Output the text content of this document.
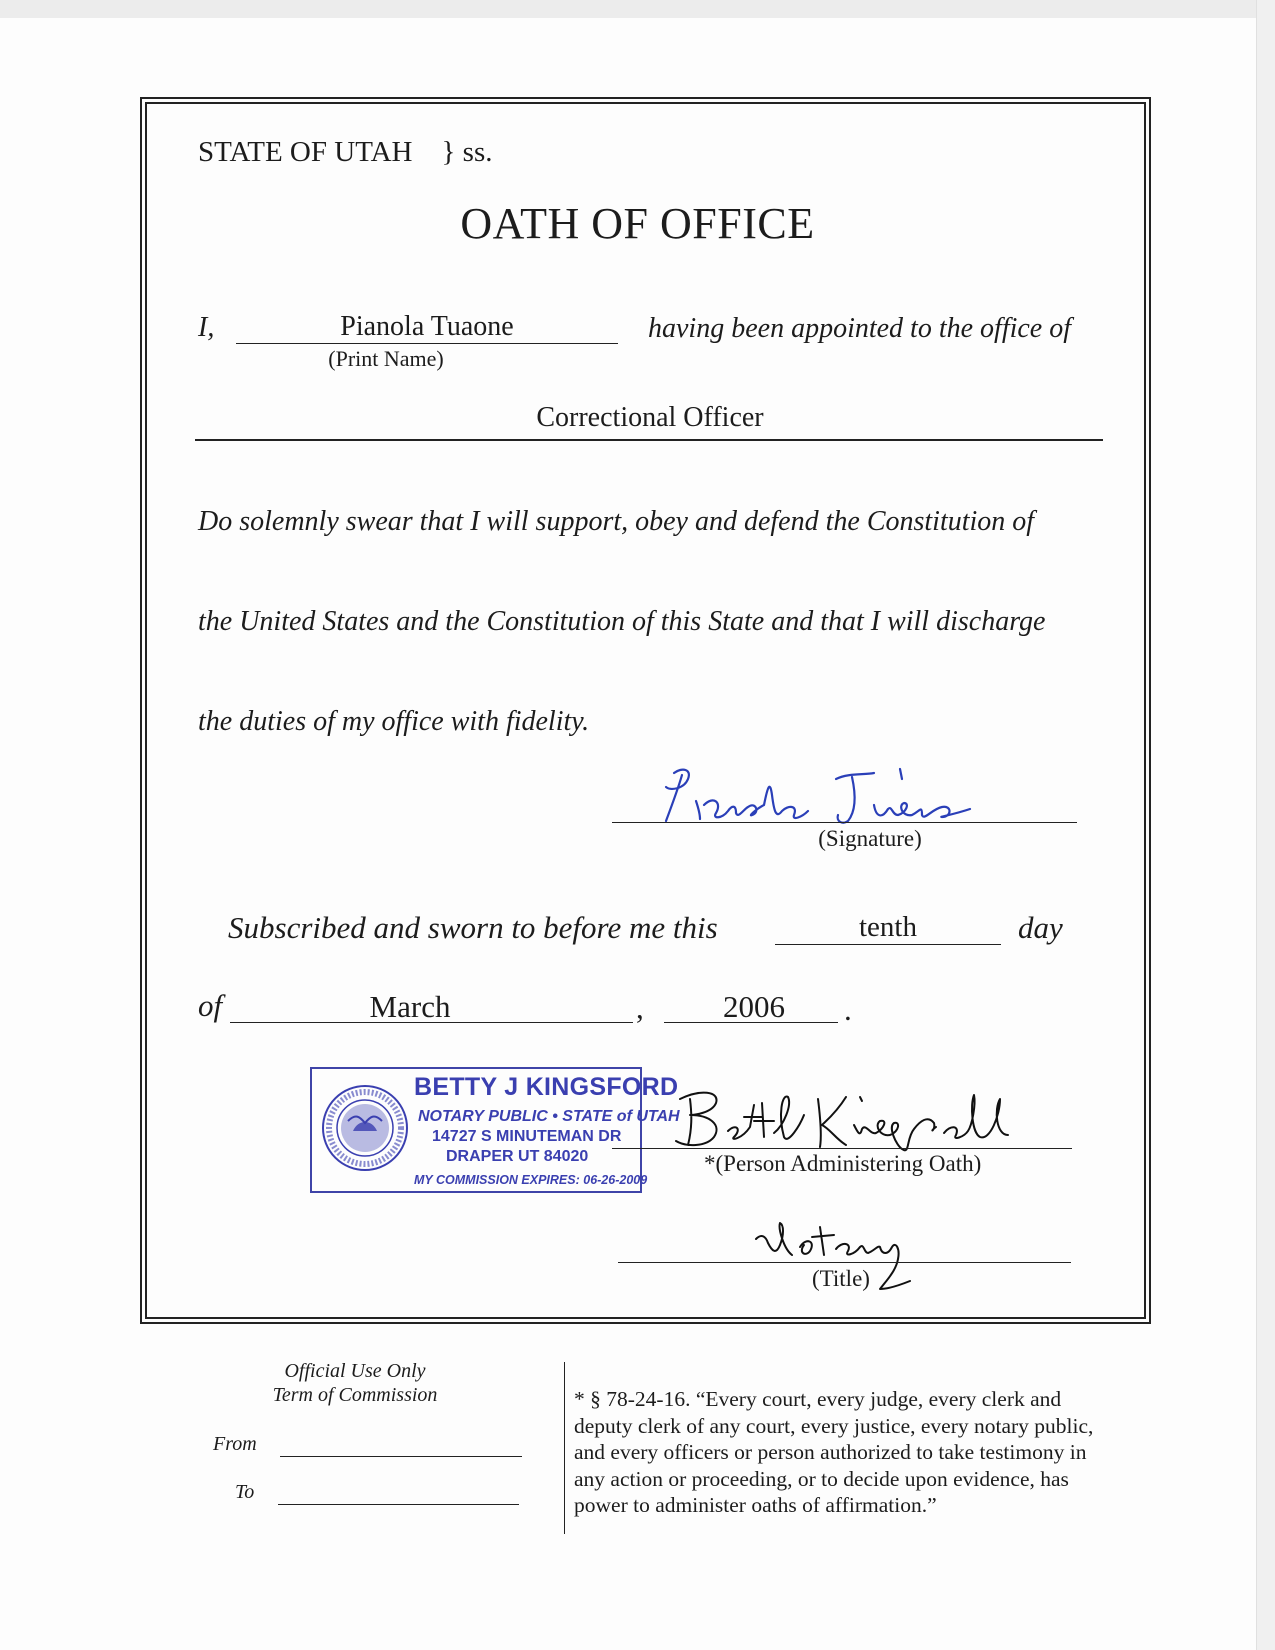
STATE OF UTAH } ss.
OATH OF OFFICE
I,	Pianola Tuaone
(Print Name)
having been appointed to the office of
Correctional Officer
Do solemnly swear that I will support, obey and defend the Constitution of
the United States and the Constitution of this State and that I will discharge
the duties of my office with fidelity.
(Signature)
Subscribed and sworn to before me this	tenth	day
of	March	,	2006	.
BETTY J KINGSFORD
NOTARY PUBLIC • STATE of UTAH
14727 S MINUTEMAN DR
DRAPER UT 84020
MY COMMISSION EXPIRES: 06-26-2009
*(Person Administering Oath)
(Title)
Official Use Only
Term of Commission
From
To
* § 78-24-16. “Every court, every judge, every clerk and
deputy clerk of any court, every justice, every notary public,
and every officers or person authorized to take testimony in
any action or proceeding, or to decide upon evidence, has
power to administer oaths of affirmation.”
